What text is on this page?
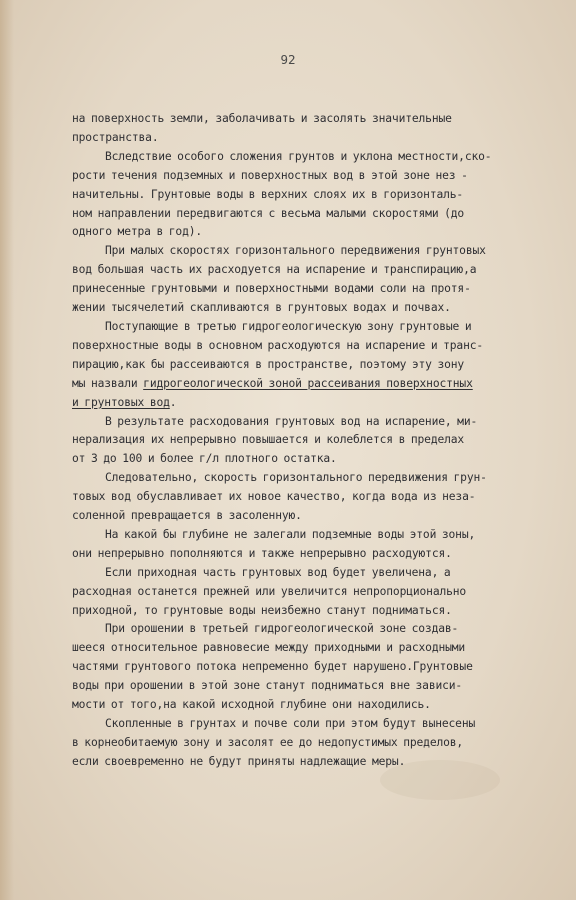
92

на поверхность земли, заболачивать и засолять значительные
пространства.

Вследствие особого сложения грунтов и уклона местности,ско-
рости течения подземных и поверхностных вод в этой зоне нез -
начительны. Грунтовые воды в верхних слоях их в горизонталь-
ном направлении передвигаются с весьма малыми скоростями (до
одного метра в год).

При малых скоростях горизонтального передвижения грунтовых
вод большая часть их расходуется на испарение и транспирацию,а
принесенные грунтовыми и поверхностными водами соли на протя-
жении тысячелетий скапливаются в грунтовых водах и почвах.

Поступающие в третью гидрогеологическую зону грунтовые и
поверхностные воды в основном расходуются на испарение и транс-
пирацию,как бы рассеиваются в пространстве, поэтому эту зону
мы назвали гидрогеологической зоной рассеивания поверхностных
и грунтовых вод.

В результате расходования грунтовых вод на испарение, ми-
нерализация их непрерывно повышается и колеблется в пределах
от 3 до 100 и более г/л плотного остатка.

Следовательно, скорость горизонтального передвижения грун-
товых вод обуславливает их новое качество, когда вода из неза-
соленной превращается в засоленную.

На какой бы глубине не залегали подземные воды этой зоны,
они непрерывно пополняются и также непрерывно расходуются.

Если приходная часть грунтовых вод будет увеличена, а
расходная останется прежней или увеличится непропорционально
приходной, то грунтовые воды неизбежно станут подниматься.

При орошении в третьей гидрогеологической зоне создав-
шееся относительное равновесие между приходными и расходными
частями грунтового потока непременно будет нарушено.Грунтовые
воды при орошении в этой зоне станут подниматься вне зависи-
мости от того,на какой исходной глубине они находились.

Скопленные в грунтах и почве соли при этом будут вынесены
в корнеобитаемую зону и засолят ее до недопустимых пределов,
если своевременно не будут приняты надлежащие меры.
